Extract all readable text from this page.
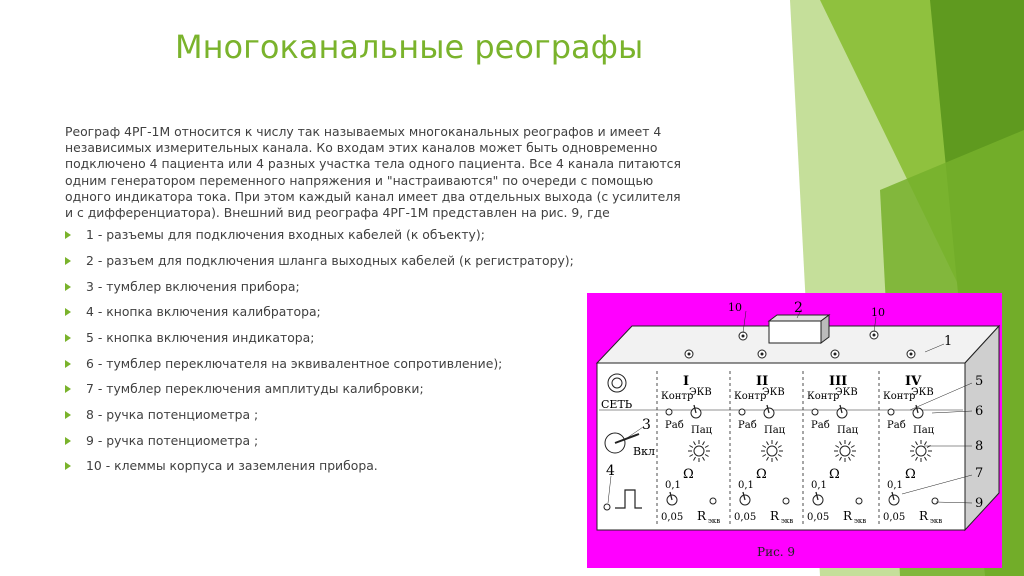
Многоканальные реографы

Реограф 4РГ-1М относится к числу так называемых многоканальных реографов и имеет 4 независимых измерительных канала. Ко входам этих каналов может быть одновременно подключено 4 пациента или 4 разных участка тела одного пациента. Все 4 канала питаются одним генератором переменного напряжения и "настраиваются" по очереди с помощью одного индикатора тока. При этом каждый канал имеет два отдельных выхода (с усилителя и с дифференциатора). Внешний вид реографа 4РГ-1М представлен на рис. 9, где

1 - разъемы для подключения входных кабелей (к объекту);
2 - разъем для подключения шланга выходных кабелей (к регистратору);
3 - тумблер включения прибора;
4 - кнопка включения калибратора;
5 - кнопка включения индикатора;
6 - тумблер переключателя на эквивалентное сопротивление);
7 - тумблер переключения амплитуды калибровки;
8 - ручка потенциометра ;
9 - ручка потенциометра ;
10 - клеммы корпуса и заземления прибора.
СЕТЬ
Вкл
I
Контр
ЭКВ
Раб Пац
Ω
0,1
0,05 R экв
II
Контр
ЭКВ
Раб Пац
Ω
0,1
0,05 R экв
III
Контр
ЭКВ
Раб Пац
Ω
0,1
0,05 R экв
IV
Контр
ЭКВ
Раб Пац
Ω
0,1
0,05 R экв
10	2	10
1
5
6
8
7
9
3
4
Рис. 9
